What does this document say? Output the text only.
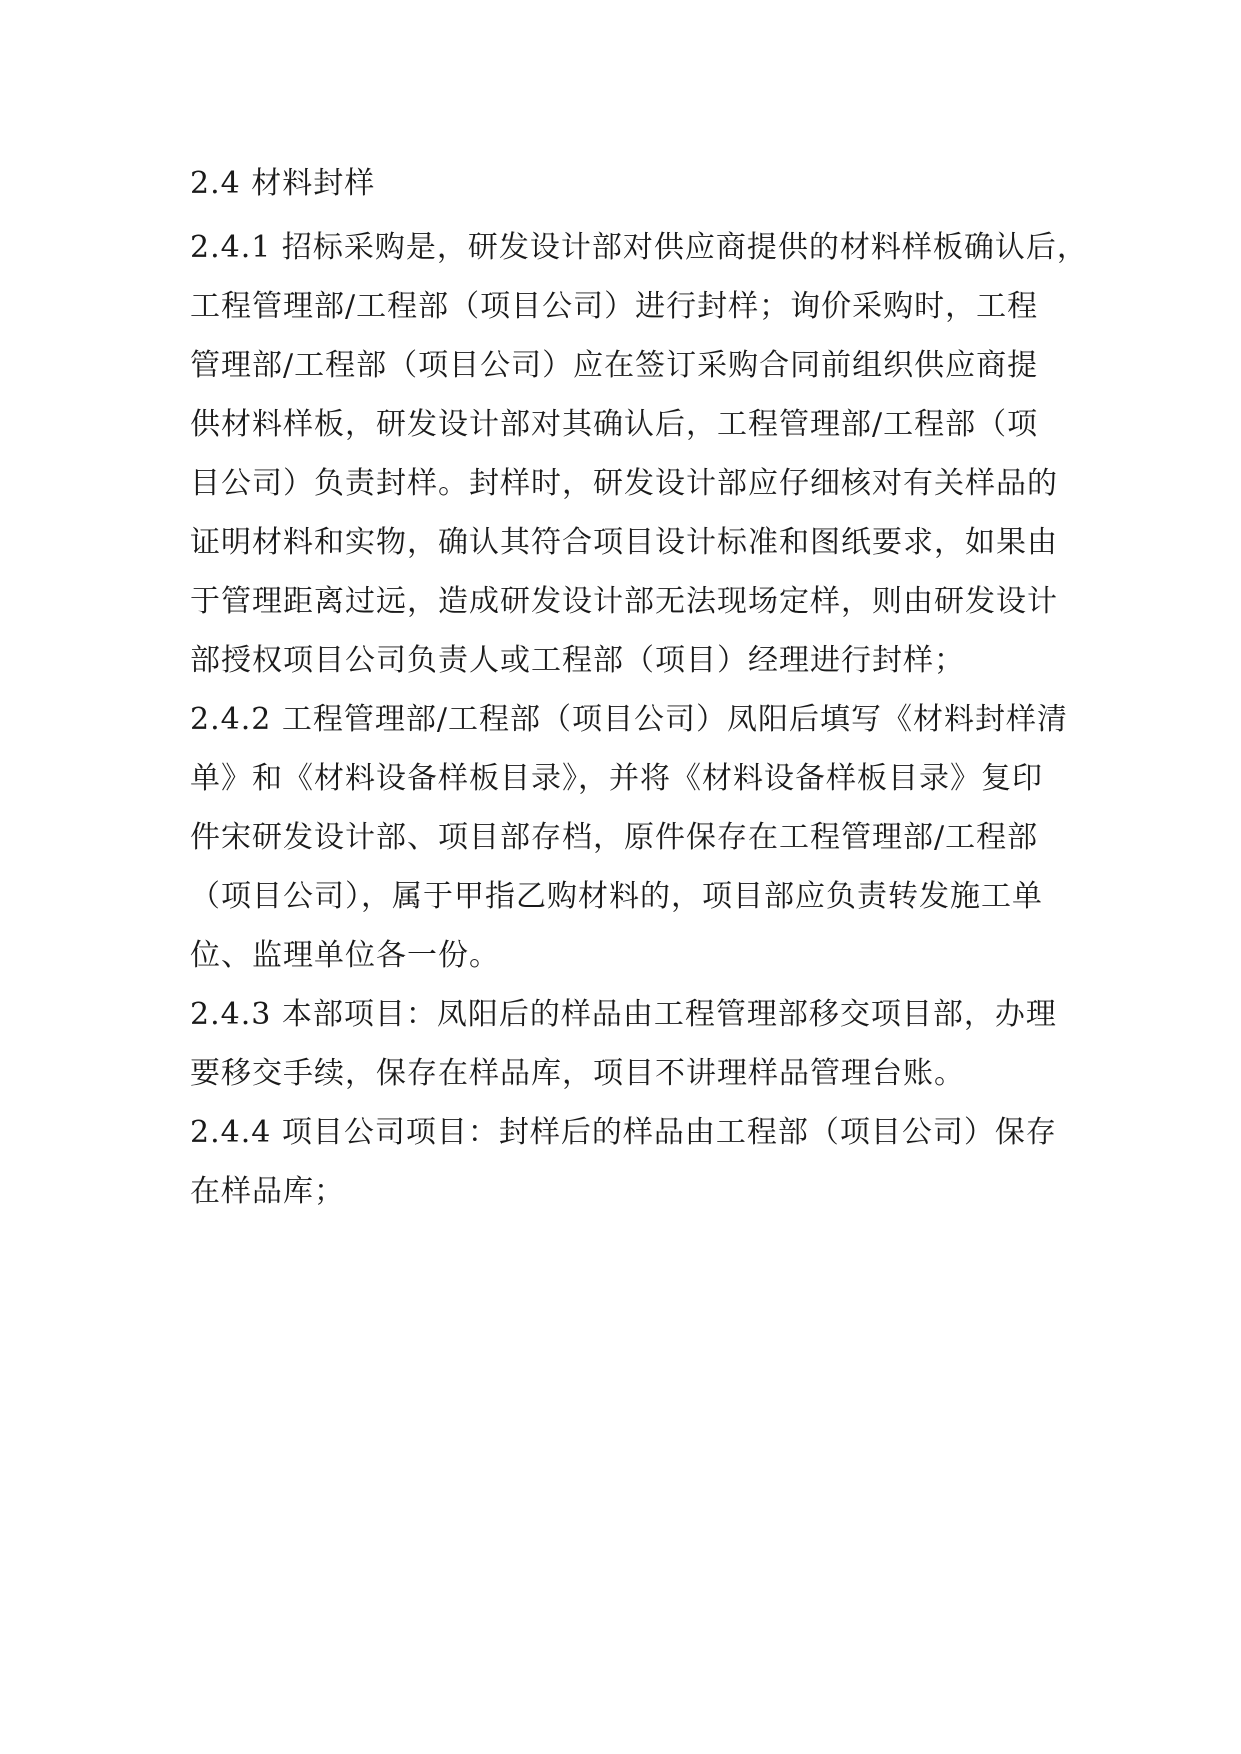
2.4 材料封样
2.4.1 招标采购是，研发设计部对供应商提供的材料样板确认后，
工程管理部/工程部（项目公司）进行封样；询价采购时，工程
管理部/工程部（项目公司）应在签订采购合同前组织供应商提
供材料样板，研发设计部对其确认后，工程管理部/工程部（项
目公司）负责封样。封样时，研发设计部应仔细核对有关样品的
证明材料和实物，确认其符合项目设计标准和图纸要求，如果由
于管理距离过远，造成研发设计部无法现场定样，则由研发设计
部授权项目公司负责人或工程部（项目）经理进行封样；
2.4.2 工程管理部/工程部（项目公司）凤阳后填写《材料封样清
单》和《材料设备样板目录》，并将《材料设备样板目录》复印
件宋研发设计部、项目部存档，原件保存在工程管理部/工程部
（项目公司），属于甲指乙购材料的，项目部应负责转发施工单
位、监理单位各一份。
2.4.3 本部项目：凤阳后的样品由工程管理部移交项目部，办理
要移交手续，保存在样品库，项目不讲理样品管理台账。
2.4.4 项目公司项目：封样后的样品由工程部（项目公司）保存
在样品库；
